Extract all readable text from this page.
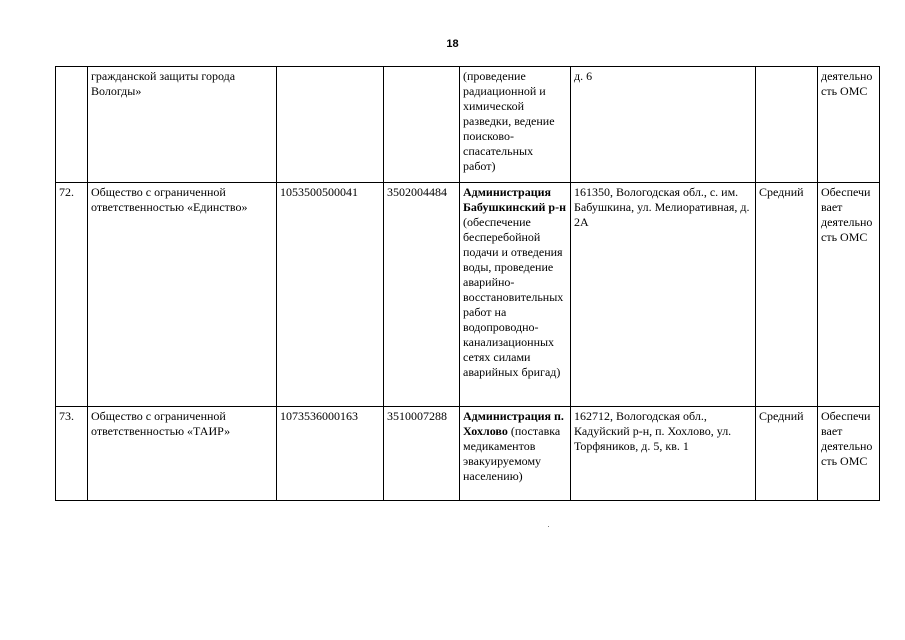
18
	гражданской защиты города Вологды»			(проведение радиационной и химической разведки, ведение поисково-спасательных работ)	д. 6		деятельность ОМС
72.	Общество с ограниченной ответственностью «Единство»	1053500500041	3502004484	Администрация Бабушкинский р-н (обеспечение бесперебойной подачи и отведения воды, проведение аварийно-восстановительных работ на водопроводно-канализационных сетях силами аварийных бригад)	161350, Вологодская обл., с. им. Бабушкина, ул. Мелиоративная, д. 2А	Средний	Обеспечивает деятельность ОМС
73.	Общество с ограниченной ответственностью «ТАИР»	1073536000163	3510007288	Администрация п. Хохлово (поставка медикаментов эвакуируемому населению)	162712, Вологодская обл., Кадуйский р-н, п. Хохлово, ул. Торфяников, д. 5, кв. 1	Средний	Обеспечивает деятельность ОМС
